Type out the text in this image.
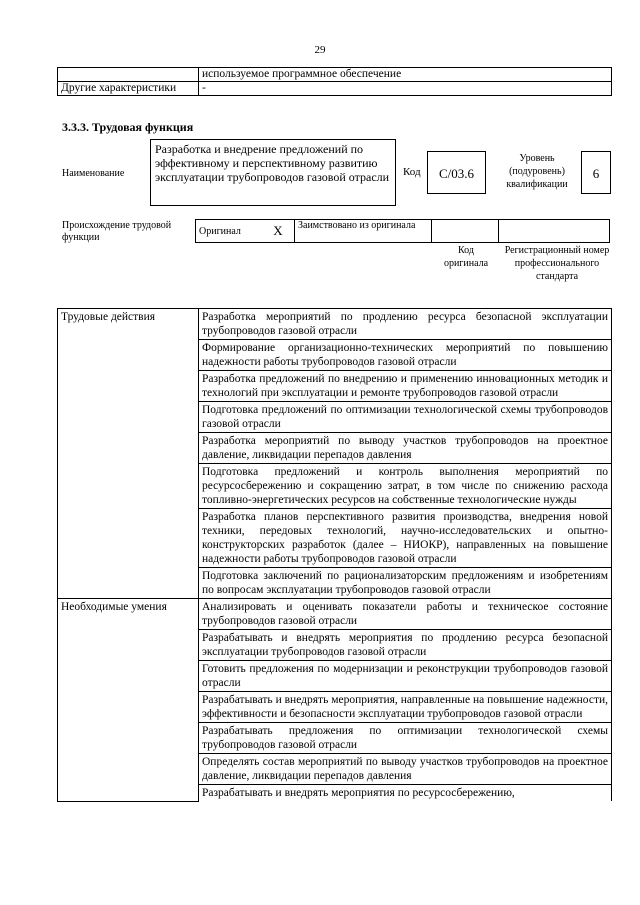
29
	используемое программное обеспечение
Другие характеристики	-
3.3.3. Трудовая функция
Наименование
Разработка и внедрение предложений по эффективному и перспективному развитию эксплуатации трубопроводов газовой отрасли	Код	C/03.6
Уровень (подуровень) квалификации
6
Происхождение трудовой функции
Оригинал	X	Заимствовано из оригинала		
Код оригинала
Регистрационный номер профессионального стандарта
Трудовые действия	Разработка мероприятий по продлению ресурса безопасной эксплуатации трубопроводов газовой отрасли
	Формирование организационно-технических мероприятий по повышению надежности работы трубопроводов газовой отрасли
	Разработка предложений по внедрению и применению инновационных методик и технологий при эксплуатации и ремонте трубопроводов газовой отрасли
	Подготовка предложений по оптимизации технологической схемы трубопроводов газовой отрасли
	Разработка мероприятий по выводу участков трубопроводов на проектное давление, ликвидации перепадов давления
	Подготовка предложений и контроль выполнения мероприятий по ресурсосбережению и сокращению затрат, в том числе по снижению расхода топливно-энергетических ресурсов на собственные технологические нужды
	Разработка планов перспективного развития производства, внедрения новой техники, передовых технологий, научно-исследовательских и опытно-конструкторских разработок (далее – НИОКР), направленных на повышение надежности работы трубопроводов газовой отрасли
	Подготовка заключений по рационализаторским предложениям и изобретениям по вопросам эксплуатации трубопроводов газовой отрасли
Необходимые умения	Анализировать и оценивать показатели работы и техническое состояние трубопроводов газовой отрасли
	Разрабатывать и внедрять мероприятия по продлению ресурса безопасной эксплуатации трубопроводов газовой отрасли
	Готовить предложения по модернизации и реконструкции трубопроводов газовой отрасли
	Разрабатывать и внедрять мероприятия, направленные на повышение надежности, эффективности и безопасности эксплуатации трубопроводов газовой отрасли
	Разрабатывать предложения по оптимизации технологической схемы трубопроводов газовой отрасли
	Определять состав мероприятий по выводу участков трубопроводов на проектное давление, ликвидации перепадов давления
	Разрабатывать и внедрять мероприятия по ресурсосбережению,
